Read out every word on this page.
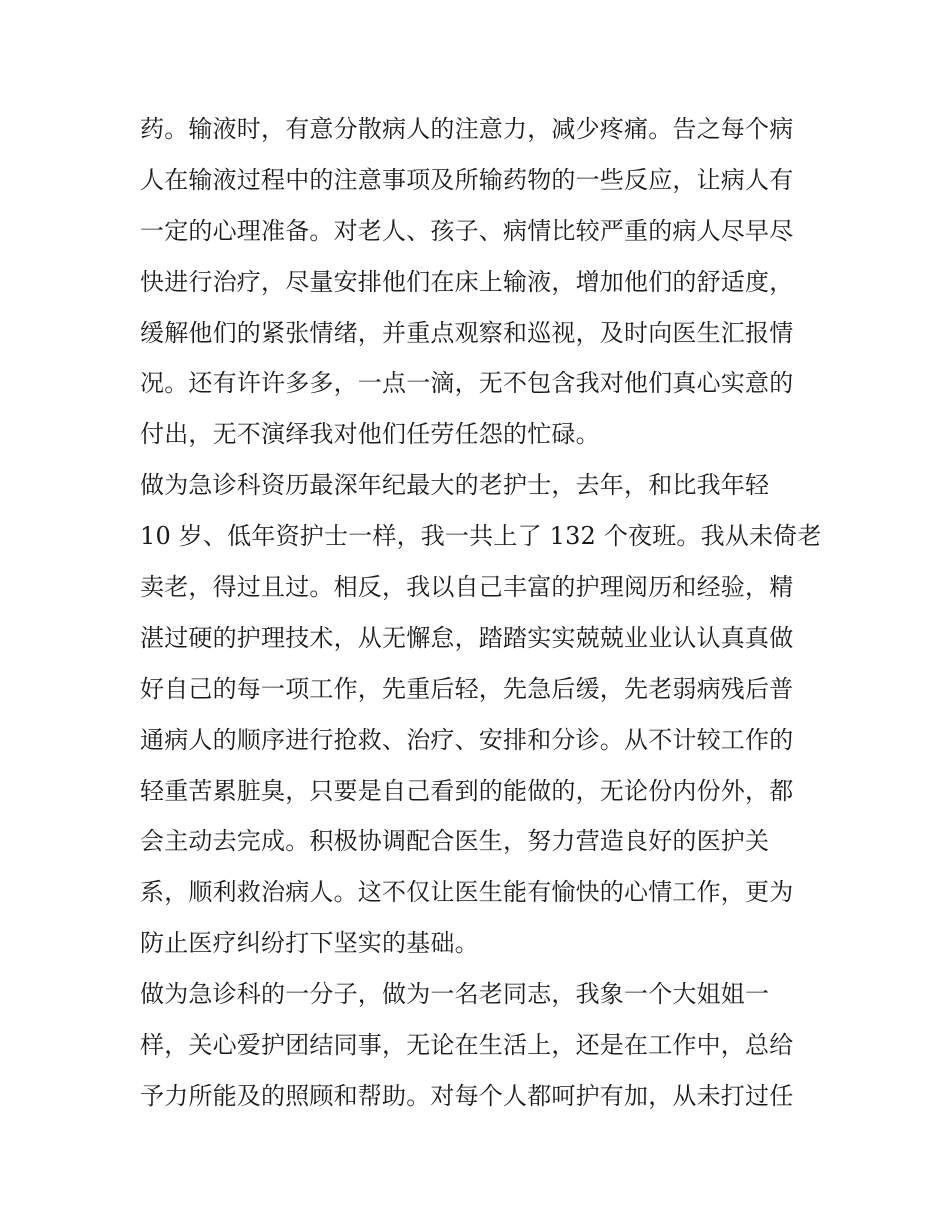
药。输液时，有意分散病人的注意力，减少疼痛。告之每个病
人在输液过程中的注意事项及所输药物的一些反应，让病人有
一定的心理准备。对老人、孩子、病情比较严重的病人尽早尽
快进行治疗，尽量安排他们在床上输液，增加他们的舒适度，
缓解他们的紧张情绪，并重点观察和巡视，及时向医生汇报情
况。还有许许多多，一点一滴，无不包含我对他们真心实意的
付出，无不演绎我对他们任劳任怨的忙碌。
做为急诊科资历最深年纪最大的老护士，去年，和比我年轻
10 岁、低年资护士一样，我一共上了 132 个夜班。我从未倚老
卖老，得过且过。相反，我以自己丰富的护理阅历和经验，精
湛过硬的护理技术，从无懈怠，踏踏实实兢兢业业认认真真做
好自己的每一项工作，先重后轻，先急后缓，先老弱病残后普
通病人的顺序进行抢救、治疗、安排和分诊。从不计较工作的
轻重苦累脏臭，只要是自己看到的能做的，无论份内份外，都
会主动去完成。积极协调配合医生，努力营造良好的医护关
系，顺利救治病人。这不仅让医生能有愉快的心情工作，更为
防止医疗纠纷打下坚实的基础。
做为急诊科的一分子，做为一名老同志，我象一个大姐姐一
样，关心爱护团结同事，无论在生活上，还是在工作中，总给
予力所能及的照顾和帮助。对每个人都呵护有加，从未打过任
